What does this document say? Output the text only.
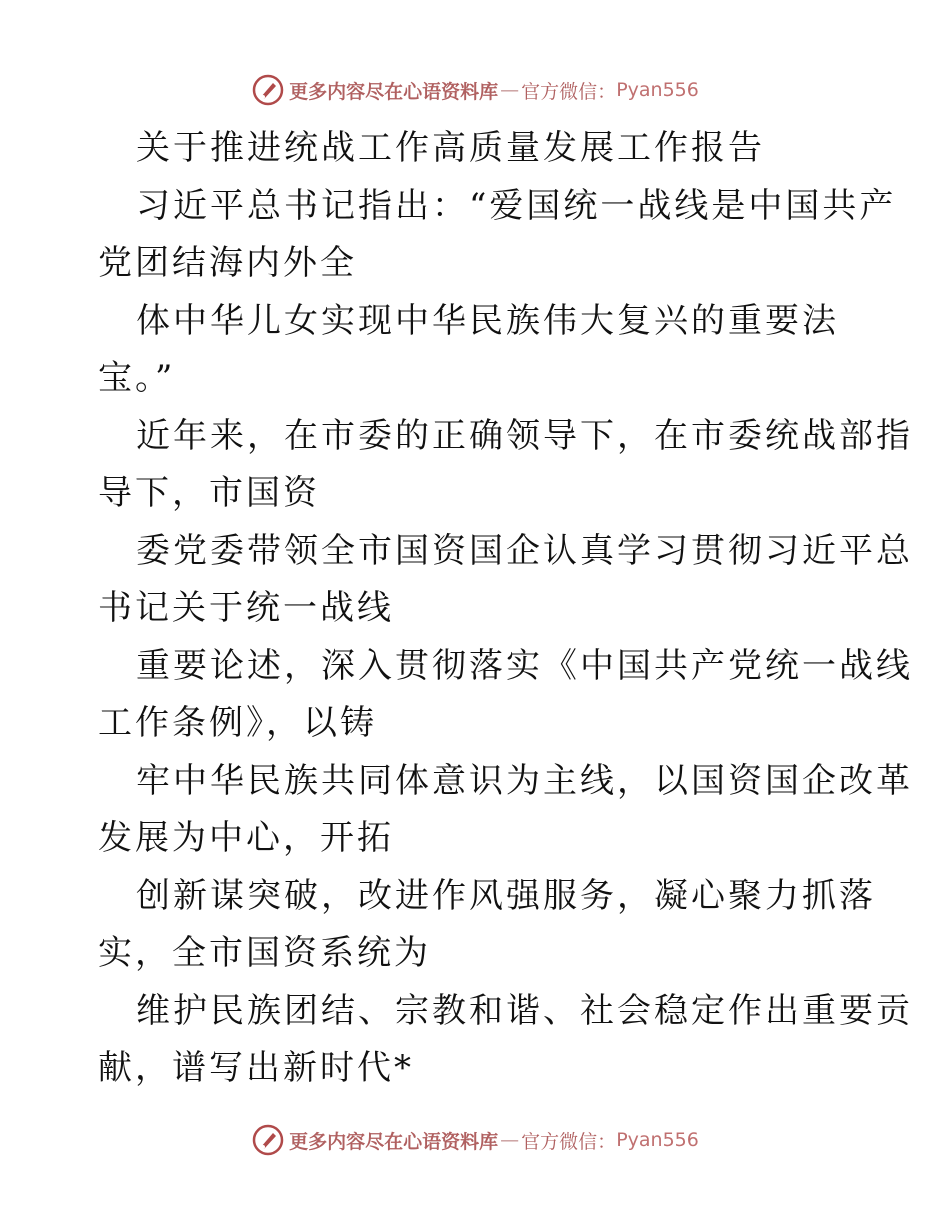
更多内容尽在心语资料库 — 官方微信： Pyan556
关于推进统战工作高质量发展工作报告
习近平总书记指出：“爱国统一战线是中国共产
党团结海内外全
体中华儿女实现中华民族伟大复兴的重要法
宝。”
近年来，在市委的正确领导下，在市委统战部指
导下，市国资
委党委带领全市国资国企认真学习贯彻习近平总
书记关于统一战线
重要论述，深入贯彻落实《中国共产党统一战线
工作条例》，以铸
牢中华民族共同体意识为主线，以国资国企改革
发展为中心，开拓
创新谋突破，改进作风强服务，凝心聚力抓落
实，全市国资系统为
维护民族团结、宗教和谐、社会稳定作出重要贡
献，谱写出新时代*
更多内容尽在心语资料库 — 官方微信： Pyan556
